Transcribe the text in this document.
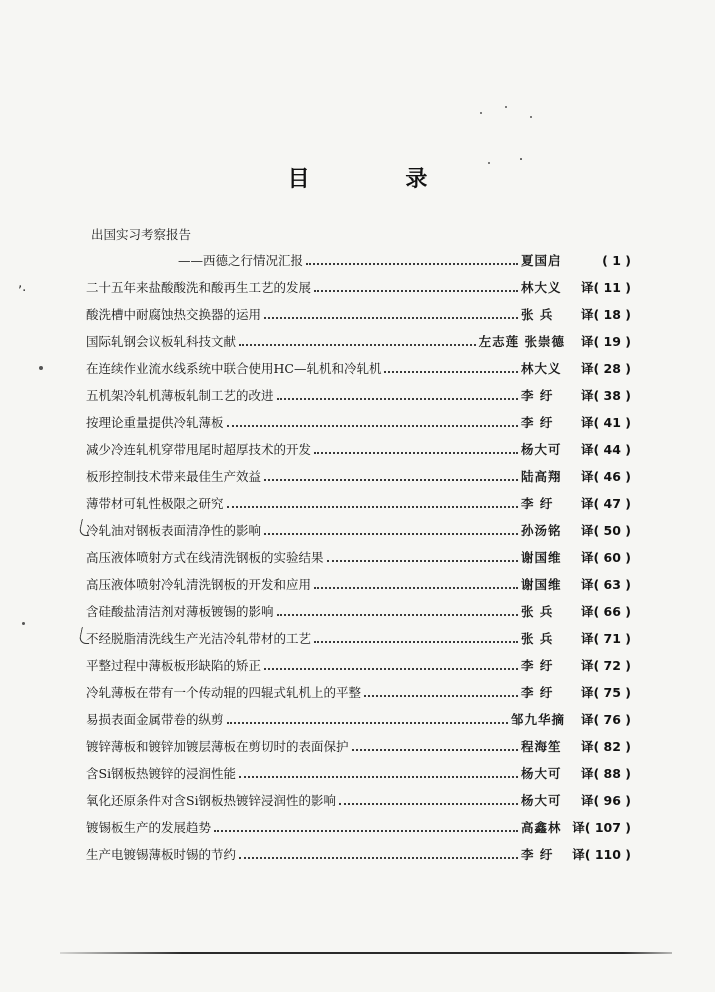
目 录
出国实习考察报告
——西德之行情况汇报	夏国启	( 1 )
二十五年来盐酸酸洗和酸再生工艺的发展	林大义	译( 11 )
酸洗槽中耐腐蚀热交换器的运用	张 兵	译( 18 )
国际轧钢会议板轧科技文献	左志莲 张崇德	译( 19 )
在连续作业流水线系统中联合使用HC—轧机和冷轧机	林大义	译( 28 )
五机架冷轧机薄板轧制工艺的改进	李 纡	译( 38 )
按理论重量提供冷轧薄板	李 纡	译( 41 )
减少冷连轧机穿带甩尾时超厚技术的开发	杨大可	译( 44 )
板形控制技术带来最佳生产效益	陆高翔	译( 46 )
薄带材可轧性极限之研究	李 纡	译( 47 )
冷轧油对钢板表面清净性的影响	孙汤铭	译( 50 )
高压液体喷射方式在线清洗钢板的实验结果	谢国维	译( 60 )
高压液体喷射冷轧清洗钢板的开发和应用	谢国维	译( 63 )
含硅酸盐清洁剂对薄板镀锡的影响	张 兵	译( 66 )
不经脱脂清洗线生产光洁冷轧带材的工艺	张 兵	译( 71 )
平整过程中薄板板形缺陷的矫正	李 纡	译( 72 )
冷轧薄板在带有一个传动辊的四辊式轧机上的平整	李 纡	译( 75 )
易损表面金属带卷的纵剪	邹九华摘	译( 76 )
镀锌薄板和镀锌加镀层薄板在剪切时的表面保护	程海笙	译( 82 )
含Si钢板热镀锌的浸润性能	杨大可	译( 88 )
氧化还原条件对含Si钢板热镀锌浸润性的影响	杨大可	译( 96 )
镀锡板生产的发展趋势	高鑫林 译( 107 )
生产电镀锡薄板时锡的节约	李 纡	译( 110 )
ʼ·
